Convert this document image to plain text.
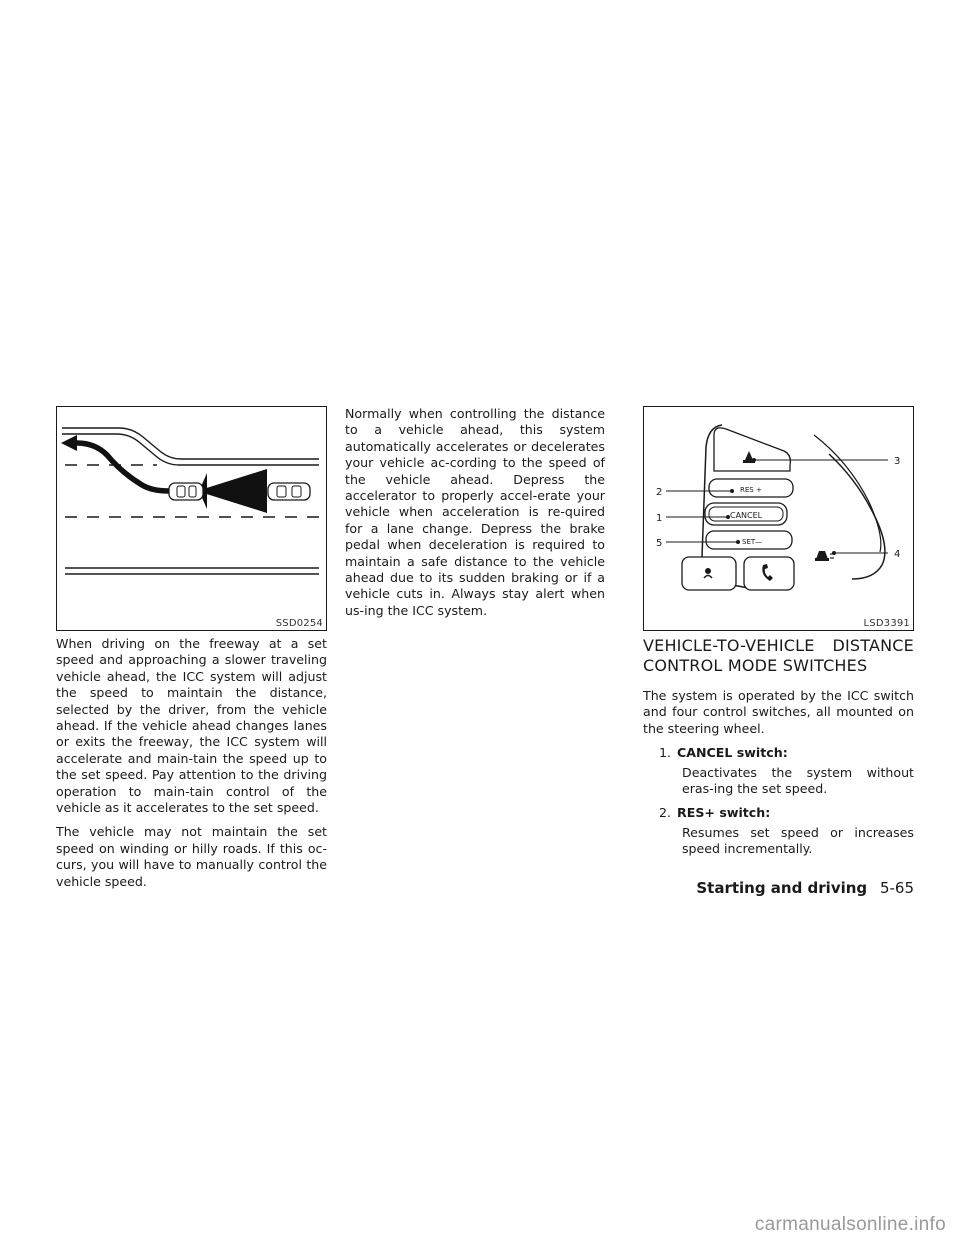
SSD0254

When driving on the freeway at a set speed and approaching a slower traveling vehicle ahead, the ICC system will adjust the speed to maintain the distance, selected by the driver, from the vehicle ahead. If the vehicle ahead changes lanes or exits the freeway, the ICC system will accelerate and main-tain the speed up to the set speed. Pay attention to the driving operation to main-tain control of the vehicle as it accelerates to the set speed.

The vehicle may not maintain the set speed on winding or hilly roads. If this oc-curs, you will have to manually control the vehicle speed.

Normally when controlling the distance to a vehicle ahead, this system automatically accelerates or decelerates your vehicle ac-cording to the speed of the vehicle ahead. Depress the accelerator to properly accel-erate your vehicle when acceleration is re-quired for a lane change. Depress the brake pedal when deceleration is required to maintain a safe distance to the vehicle ahead due to its sudden braking or if a vehicle cuts in. Always stay alert when us-ing the ICC system.

RES +
CANCEL
SET—
3
2
1
5
4
LSD3391
VEHICLE-TO-VEHICLE DISTANCE CONTROL MODE SWITCHES

The system is operated by the ICC switch and four control switches, all mounted on the steering wheel.

1. CANCEL switch:
Deactivates the system without eras-ing the set speed.
2. RES+ switch:
Resumes set speed or increases speed incrementally.
Starting and driving 5-65
carmanualsonline.info
